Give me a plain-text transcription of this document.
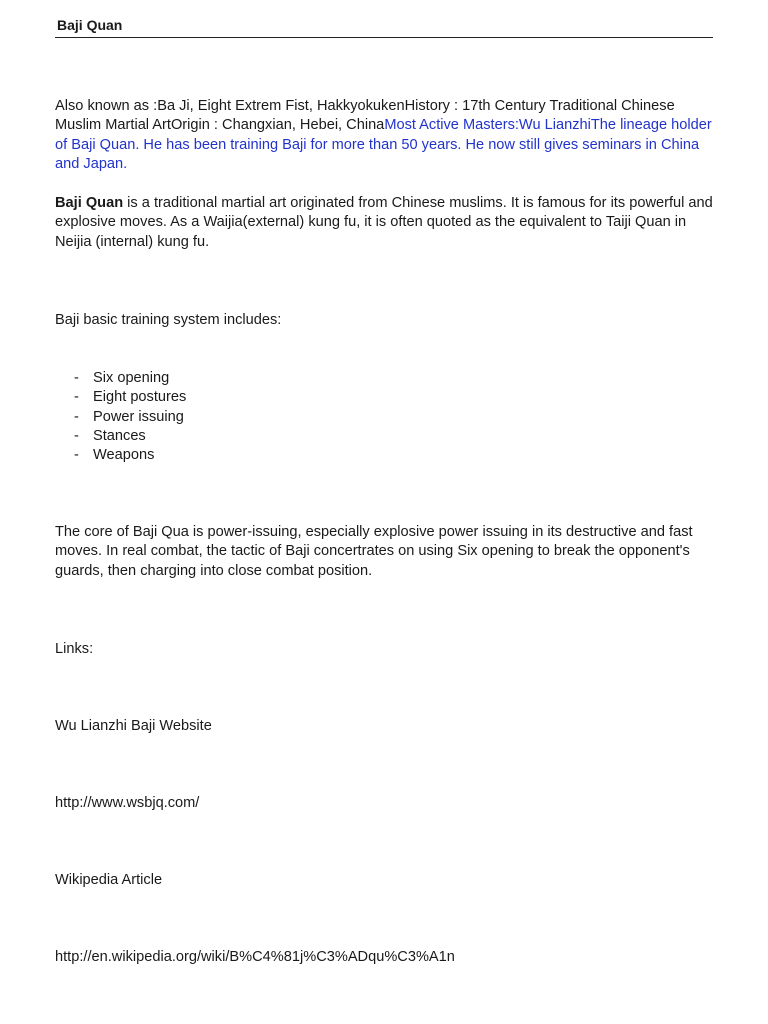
Baji Quan

Also known as :Ba Ji, Eight Extrem Fist, HakkyokukenHistory : 17th Century Traditional Chinese Muslim Martial ArtOrigin : Changxian, Hebei, ChinaMost Active Masters:Wu LianzhiThe lineage holder of Baji Quan. He has been training Baji for more than 50 years. He now still gives seminars in China and Japan.

Baji Quan is a traditional martial art originated from Chinese muslims. It is famous for its powerful and explosive moves. As a Waijia(external) kung fu, it is often quoted as the equivalent to Taiji Quan in Neijia (internal) kung fu.

Baji basic training system includes:

- Six opening
- Eight postures
- Power issuing
- Stances
- Weapons

The core of Baji Qua is power-issuing, especially explosive power issuing in its destructive and fast moves. In real combat, the tactic of Baji concertrates on using Six opening to break the opponent's guards, then charging into close combat position.

Links:

Wu Lianzhi Baji Website

http://www.wsbjq.com/

Wikipedia Article

http://en.wikipedia.org/wiki/B%C4%81j%C3%ADqu%C3%A1n
